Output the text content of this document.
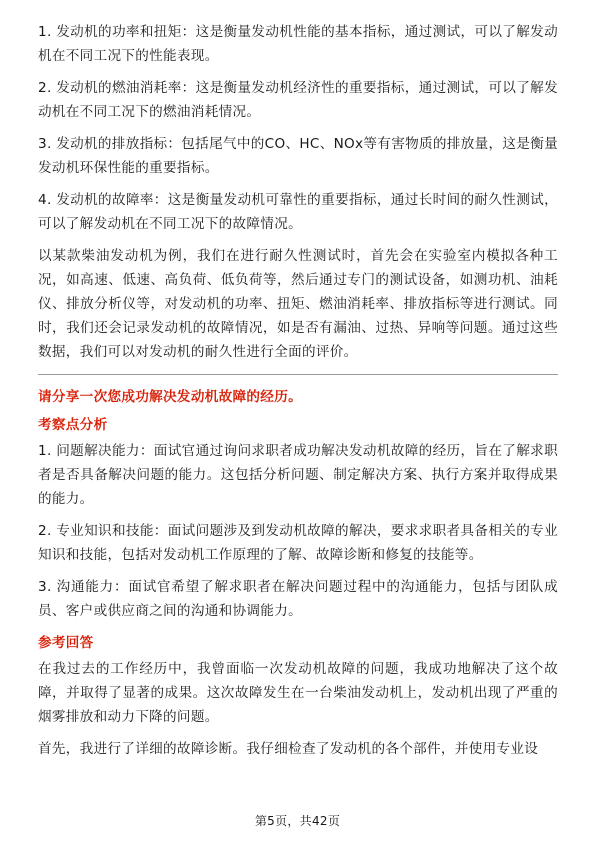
1. 发动机的功率和扭矩：这是衡量发动机性能的基本指标，通过测试，可以了解发动机在不同工况下的性能表现。

2. 发动机的燃油消耗率：这是衡量发动机经济性的重要指标，通过测试，可以了解发动机在不同工况下的燃油消耗情况。

3. 发动机的排放指标：包括尾气中的CO、HC、NOx等有害物质的排放量，这是衡量发动机环保性能的重要指标。

4. 发动机的故障率：这是衡量发动机可靠性的重要指标，通过长时间的耐久性测试，可以了解发动机在不同工况下的故障情况。

以某款柴油发动机为例，我们在进行耐久性测试时，首先会在实验室内模拟各种工况，如高速、低速、高负荷、低负荷等，然后通过专门的测试设备，如测功机、油耗仪、排放分析仪等，对发动机的功率、扭矩、燃油消耗率、排放指标等进行测试。同时，我们还会记录发动机的故障情况，如是否有漏油、过热、异响等问题。通过这些数据，我们可以对发动机的耐久性进行全面的评价。

请分享一次您成功解决发动机故障的经历。

考察点分析

1. 问题解决能力：面试官通过询问求职者成功解决发动机故障的经历，旨在了解求职者是否具备解决问题的能力。这包括分析问题、制定解决方案、执行方案并取得成果的能力。

2. 专业知识和技能：面试问题涉及到发动机故障的解决，要求求职者具备相关的专业知识和技能，包括对发动机工作原理的了解、故障诊断和修复的技能等。

3. 沟通能力：面试官希望了解求职者在解决问题过程中的沟通能力，包括与团队成员、客户或供应商之间的沟通和协调能力。

参考回答

在我过去的工作经历中，我曾面临一次发动机故障的问题，我成功地解决了这个故障，并取得了显著的成果。这次故障发生在一台柴油发动机上，发动机出现了严重的烟雾排放和动力下降的问题。

首先，我进行了详细的故障诊断。我仔细检查了发动机的各个部件，并使用专业设

第5页，共42页
